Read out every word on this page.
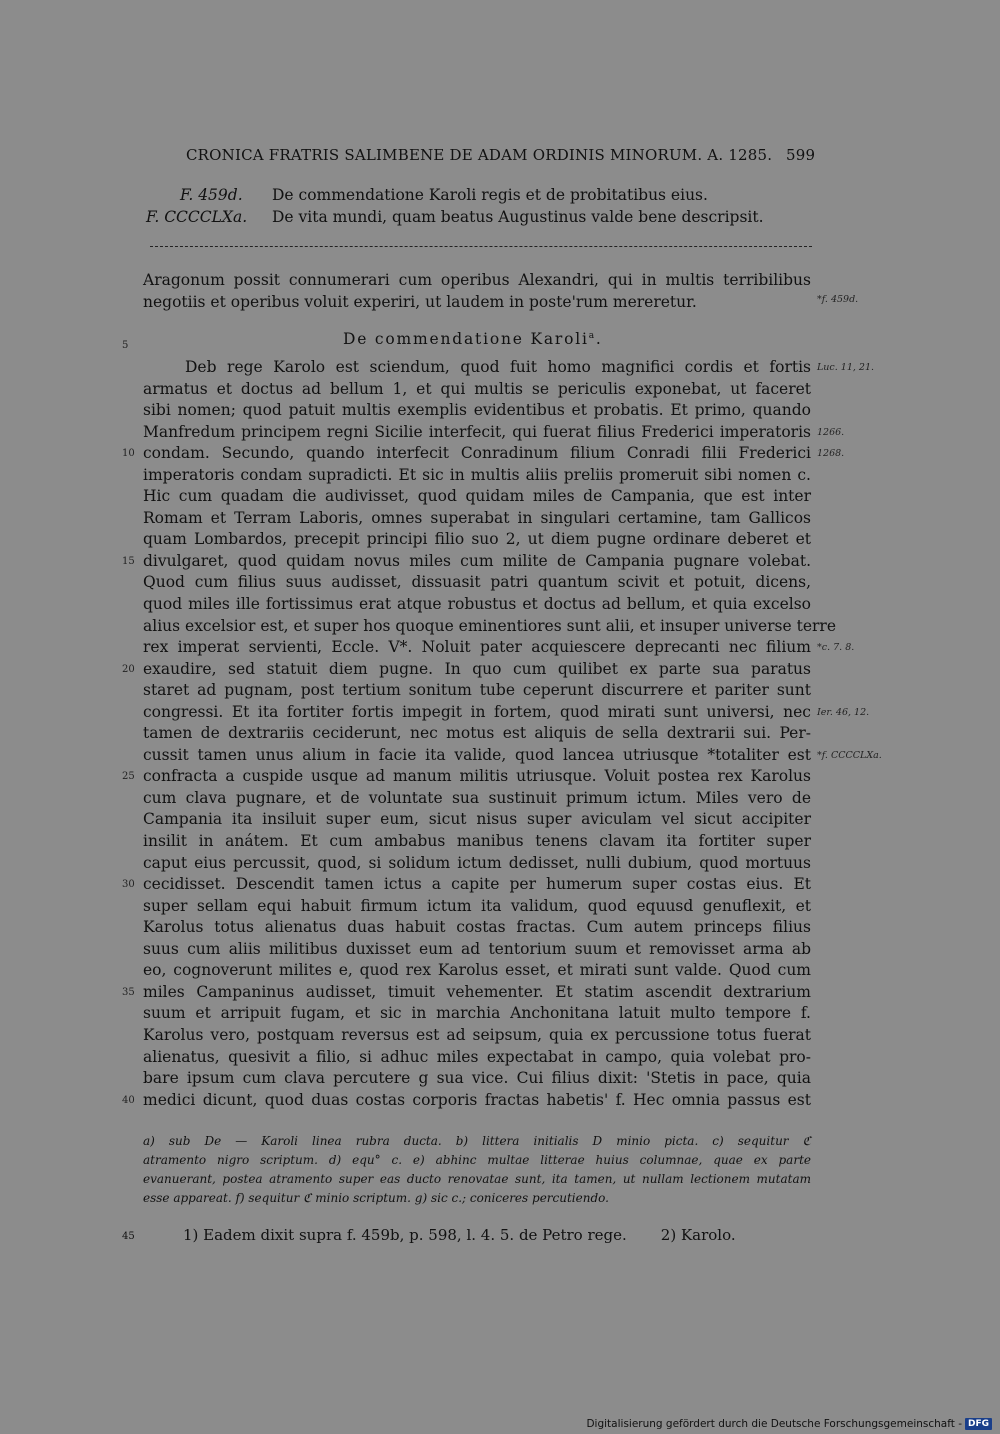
CRONICA FRATRIS SALIMBENE DE ADAM ORDINIS MINORUM. A. 1285. 599
F. 459d. De commendatione Karoli regis et de probitatibus eius.
F. CCCCLXa. De vita mundi, quam beatus Augustinus valde bene descripsit.
Aragonum possit connumerari cum operibus Alexandri, qui in multis terribilibus
negotiis et operibus voluit experiri, ut laudem in poste'rum mereretur.	*f. 459d.
5	De commendatione Karoli$^a$.
Deb rege Karolo est sciendum, quod fuit homo magnifici cordis et fortis
armatus et doctus ad bellum 1, et qui multis se periculis exponebat, ut faceret
sibi nomen; quod patuit multis exemplis evidentibus et probatis. Et primo, quando
Manfredum principem regni Sicilie interfecit, qui fuerat filius Frederici imperatoris
condam. Secundo, quando interfecit Conradinum filium Conradi filii Frederici
imperatoris condam supradicti. Et sic in multis aliis preliis promeruit sibi nomen c.
Hic cum quadam die audivisset, quod quidam miles de Campania, que est inter
Romam et Terram Laboris, omnes superabat in singulari certamine, tam Gallicos
quam Lombardos, precepit principi filio suo 2, ut diem pugne ordinare deberet et
divulgaret, quod quidam novus miles cum milite de Campania pugnare volebat.
Quod cum filius suus audisset, dissuasit patri quantum scivit et potuit, dicens,
quod miles ille fortissimus erat atque robustus et doctus ad bellum, et quia excelso
alius excelsior est, et super hos quoque eminentiores sunt alii, et insuper universe terre
rex imperat servienti, Eccle. V*. Noluit pater acquiescere deprecanti nec filium
exaudire, sed statuit diem pugne. In quo cum quilibet ex parte sua paratus
staret ad pugnam, post tertium sonitum tube ceperunt discurrere et pariter sunt
congressi. Et ita fortiter fortis impegit in fortem, quod mirati sunt universi, nec
tamen de dextrariis ceciderunt, nec motus est aliquis de sella dextrarii sui. Per-
cussit tamen unus alium in facie ita valide, quod lancea utriusque *totaliter est
confracta a cuspide usque ad manum militis utriusque. Voluit postea rex Karolus
cum clava pugnare, et de voluntate sua sustinuit primum ictum. Miles vero de
Campania ita insiluit super eum, sicut nisus super aviculam vel sicut accipiter
insilit in anátem. Et cum ambabus manibus tenens clavam ita fortiter super
caput eius percussit, quod, si solidum ictum dedisset, nulli dubium, quod mortuus
cecidisset. Descendit tamen ictus a capite per humerum super costas eius. Et
super sellam equi habuit firmum ictum ita validum, quod equusd genuflexit, et
Karolus totus alienatus duas habuit costas fractas. Cum autem princeps filius
suus cum aliis militibus duxisset eum ad tentorium suum et removisset arma ab
eo, cognoverunt milites e, quod rex Karolus esset, et mirati sunt valde. Quod cum
miles Campaninus audisset, timuit vehementer. Et statim ascendit dextrarium
suum et arripuit fugam, et sic in marchia Anchonitana latuit multo tempore f.
Karolus vero, postquam reversus est ad seipsum, quia ex percussione totus fuerat
alienatus, quesivit a filio, si adhuc miles expectabat in campo, quia volebat pro-
bare ipsum cum clava percutere g sua vice. Cui filius dixit: 'Stetis in pace, quia
medici dicunt, quod duas costas corporis fractas habetis' f. Hec omnia passus est
Luc. 11, 21.
1266.
10	1268.
15
*c. 7. 8.
20
Ier. 46, 12.
*f. CCCCLXa.
25
30
35
40
a) sub De — Karoli linea rubra ducta. b) littera initialis D minio picta. c) sequitur ℭ
atramento nigro scriptum. d) equ° c. e) abhinc multae litterae huius columnae, quae ex parte
evanuerant, postea atramento super eas ducto renovatae sunt, ita tamen, ut nullam lectionem mutatam
esse appareat. f) sequitur ℭ minio scriptum. g) sic c.; coniceres percutiendo.
45	1) Eadem dixit supra f. 459b, p. 598, l. 4. 5. de Petro rege. 2) Karolo.
Digitalisierung gefördert durch die Deutsche Forschungsgemeinschaft - DFG
